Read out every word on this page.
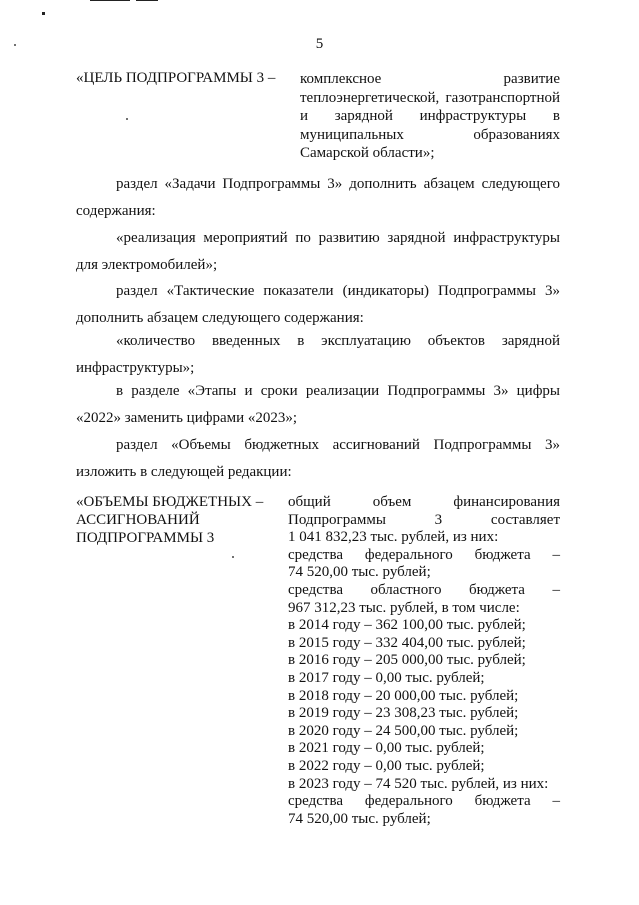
5
«ЦЕЛЬ ПОДПРОГРАММЫ 3 –	комплексное развитие
теплоэнергетической, газотранспортной
и зарядной инфраструктуры в
муниципальных образованиях
Самарской области»;
раздел «Задачи Подпрограммы 3» дополнить абзацем следующего
содержания:
«реализация мероприятий по развитию зарядной инфраструктуры
для электромобилей»;
раздел «Тактические показатели (индикаторы) Подпрограммы 3»
дополнить абзацем следующего содержания:
«количество введенных в эксплуатацию объектов зарядной
инфраструктуры»;
в разделе «Этапы и сроки реализации Подпрограммы 3» цифры
«2022» заменить цифрами «2023»;
раздел «Объемы бюджетных ассигнований Подпрограммы 3»
изложить в следующей редакции:
«ОБЪЕМЫ БЮДЖЕТНЫХ –
АССИГНОВАНИЙ
ПОДПРОГРАММЫ 3
общий объем финансирования
Подпрограммы 3 составляет
1 041 832,23 тыс. рублей, из них:
средства федерального бюджета –
74 520,00 тыс. рублей;
средства областного бюджета –
967 312,23 тыс. рублей, в том числе:
в 2014 году – 362 100,00 тыс. рублей;
в 2015 году – 332 404,00 тыс. рублей;
в 2016 году – 205 000,00 тыс. рублей;
в 2017 году – 0,00 тыс. рублей;
в 2018 году – 20 000,00 тыс. рублей;
в 2019 году – 23 308,23 тыс. рублей;
в 2020 году – 24 500,00 тыс. рублей;
в 2021 году – 0,00 тыс. рублей;
в 2022 году – 0,00 тыс. рублей;
в 2023 году – 74 520 тыс. рублей, из них:
средства федерального бюджета –
74 520,00 тыс. рублей;
